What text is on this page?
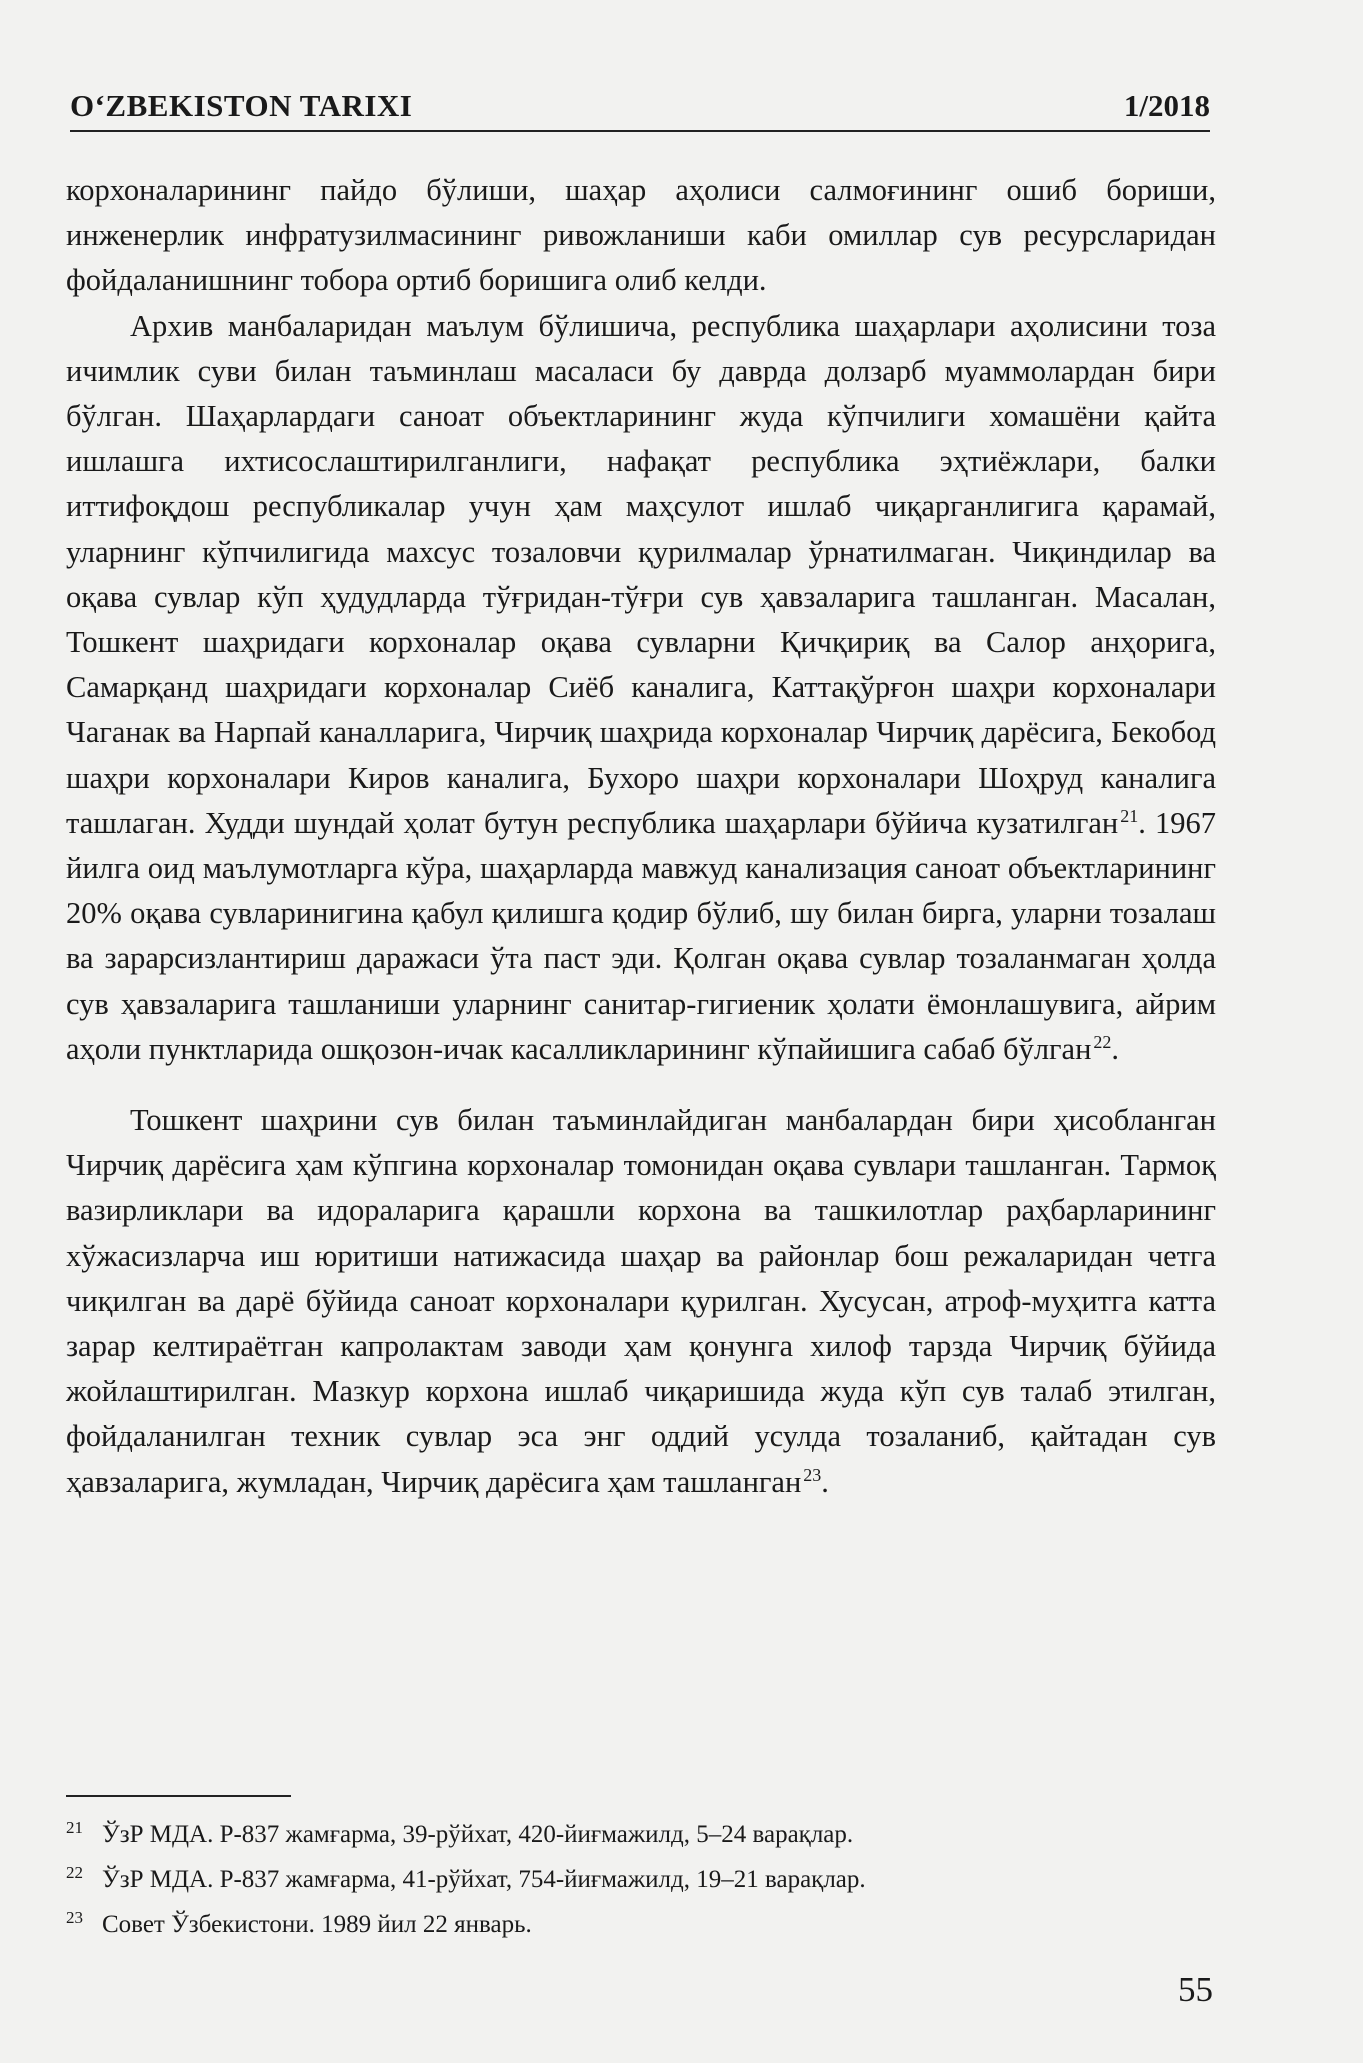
O‘ZBEKISTON TARIXI	1/2018

корхоналарининг пайдо бўлиши, шаҳар аҳолиси салмоғининг ошиб бориши, инженерлик инфратузилмасининг ривожланиши каби омиллар сув ресурсларидан фойдаланишнинг тобора ортиб боришига олиб келди.

Архив манбаларидан маълум бўлишича, республика шаҳарлари аҳолисини тоза ичимлик суви билан таъминлаш масаласи бу даврда долзарб муаммолардан бири бўлган. Шаҳарлардаги саноат объектларининг жуда кўпчилиги хомашёни қайта ишлашга ихтисослаштирилганлиги, нафақат республика эҳтиёжлари, балки иттифоқдош республикалар учун ҳам маҳсулот ишлаб чиқарганлигига қарамай, уларнинг кўпчилигида махсус тозаловчи қурилмалар ўрнатилмаган. Чиқиндилар ва оқава сувлар кўп ҳудудларда тўғридан-тўғри сув ҳавзаларига ташланган. Масалан, Тошкент шаҳридаги корхоналар оқава сувларни Қичқириқ ва Салор анҳорига, Самарқанд шаҳридаги корхоналар Сиёб каналига, Каттақўрғон шаҳри корхоналари Чаганак ва Нарпай каналларига, Чирчиқ шаҳрида корхоналар Чирчиқ дарёсига, Бекобод шаҳри корхоналари Киров каналига, Бухоро шаҳри корхоналари Шоҳруд каналига ташлаган. Худди шундай ҳолат бутун республика шаҳарлари бўйича кузатилган $^{21}$. 1967 йилга оид маълумотларга кўра, шаҳарларда мавжуд канализация саноат объектларининг 20% оқава сувларинигина қабул қилишга қодир бўлиб, шу билан бирга, уларни тозалаш ва зарарсизлантириш даражаси ўта паст эди. Қолган оқава сувлар тозаланмаган ҳолда сув ҳавзаларига ташланиши уларнинг санитар-гигиеник ҳолати ёмонлашувига, айрим аҳоли пунктларида ошқозон-ичак касалликларининг кўпайишига сабаб бўлган $^{22}$.

Тошкент шаҳрини сув билан таъминлайдиган манбалардан бири ҳисобланган Чирчиқ дарёсига ҳам кўпгина корхоналар томонидан оқава сувлари ташланган. Тармоқ вазирликлари ва идораларига қарашли корхона ва ташкилотлар раҳбарларининг хўжасизларча иш юритиши натижасида шаҳар ва районлар бош режаларидан четга чиқилган ва дарё бўйида саноат корхоналари қурилган. Хусусан, атроф-муҳитга катта зарар келтираётган капролактам заводи ҳам қонунга хилоф тарзда Чирчиқ бўйида жойлаштирилган. Мазкур корхона ишлаб чиқаришида жуда кўп сув талаб этилган, фойдаланилган техник сувлар эса энг оддий усулда тозаланиб, қайтадан сув ҳавзаларига, жумладан, Чирчиқ дарёсига ҳам ташланган $^{23}$.

21 ЎзР МДА. Р-837 жамғарма, 39-рўйхат, 420-йиғмажилд, 5–24 варақлар.
22 ЎзР МДА. Р-837 жамғарма, 41-рўйхат, 754-йиғмажилд, 19–21 варақлар.
23 Совет Ўзбекистони. 1989 йил 22 январь.
55
